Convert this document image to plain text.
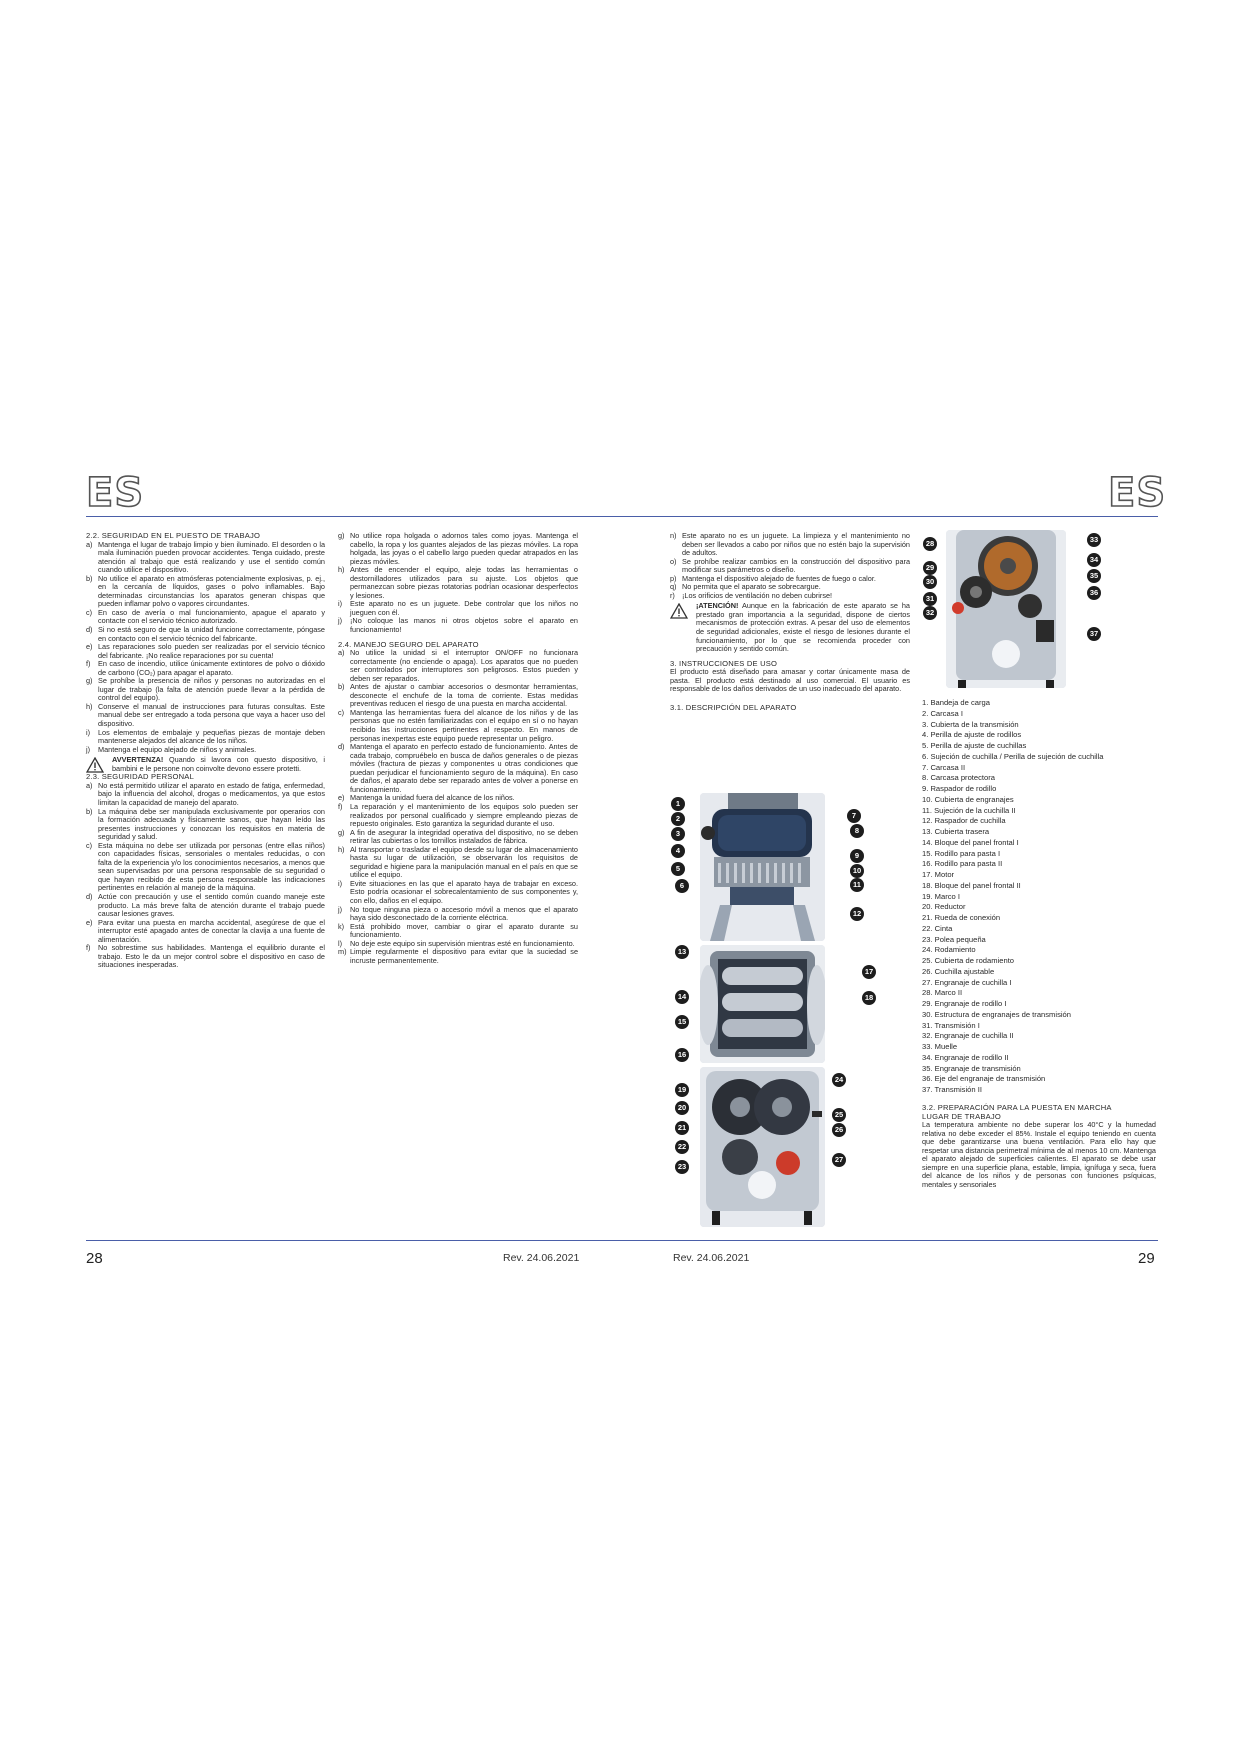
ES	ES

2.2. SEGURIDAD EN EL PUESTO DE TRABAJO

a) Mantenga el lugar de trabajo limpio y bien iluminado. El desorden o la mala iluminación pueden provocar accidentes. Tenga cuidado, preste atención al trabajo que está realizando y use el sentido común cuando utilice el dispositivo.
b) No utilice el aparato en atmósferas potencialmente explosivas, p. ej., en la cercanía de líquidos, gases o polvo inflamables. Bajo determinadas circunstancias los aparatos generan chispas que pueden inflamar polvo o vapores circundantes.
c) En caso de avería o mal funcionamiento, apague el aparato y contacte con el servicio técnico autorizado.
d) Si no está seguro de que la unidad funcione correctamente, póngase en contacto con el servicio técnico del fabricante.
e) Las reparaciones solo pueden ser realizadas por el servicio técnico del fabricante. ¡No realice reparaciones por su cuenta!
f) En caso de incendio, utilice únicamente extintores de polvo o dióxido de carbono (CO₂) para apagar el aparato.
g) Se prohíbe la presencia de niños y personas no autorizadas en el lugar de trabajo (la falta de atención puede llevar a la pérdida de control del equipo).
h) Conserve el manual de instrucciones para futuras consultas. Este manual debe ser entregado a toda persona que vaya a hacer uso del dispositivo.
i) Los elementos de embalaje y pequeñas piezas de montaje deben mantenerse alejados del alcance de los niños.
j) Mantenga el equipo alejado de niños y animales.
AVVERTENZA! Quando si lavora con questo dispositivo, i bambini e le persone non coinvolte devono essere protetti.

2.3. SEGURIDAD PERSONAL

a) No está permitido utilizar el aparato en estado de fatiga, enfermedad, bajo la influencia del alcohol, drogas o medicamentos, ya que estos limitan la capacidad de manejo del aparato.
b) La máquina debe ser manipulada exclusivamente por operarios con la formación adecuada y físicamente sanos, que hayan leído las presentes instrucciones y conozcan los requisitos en materia de seguridad y salud.
c) Esta máquina no debe ser utilizada por personas (entre ellas niños) con capacidades físicas, sensoriales o mentales reducidas, o con falta de la experiencia y/o los conocimientos necesarios, a menos que sean supervisadas por una persona responsable de su seguridad o que hayan recibido de esta persona responsable las indicaciones pertinentes en relación al manejo de la máquina.
d) Actúe con precaución y use el sentido común cuando maneje este producto. La más breve falta de atención durante el trabajo puede causar lesiones graves.
e) Para evitar una puesta en marcha accidental, asegúrese de que el interruptor esté apagado antes de conectar la clavija a una fuente de alimentación.
f) No sobrestime sus habilidades. Mantenga el equilibrio durante el trabajo. Esto le da un mejor control sobre el dispositivo en caso de situaciones inesperadas.
g) No utilice ropa holgada o adornos tales como joyas. Mantenga el cabello, la ropa y los guantes alejados de las piezas móviles. La ropa holgada, las joyas o el cabello largo pueden quedar atrapados en las piezas móviles.
h) Antes de encender el equipo, aleje todas las herramientas o destornilladores utilizados para su ajuste. Los objetos que permanezcan sobre piezas rotatorias podrían ocasionar desperfectos y lesiones.
i) Este aparato no es un juguete. Debe controlar que los niños no jueguen con él.
j) ¡No coloque las manos ni otros objetos sobre el aparato en funcionamiento!

2.4. MANEJO SEGURO DEL APARATO

a) No utilice la unidad si el interruptor ON/OFF no funcionara correctamente (no enciende o apaga). Los aparatos que no pueden ser controlados por interruptores son peligrosos. Estos pueden y deben ser reparados.
b) Antes de ajustar o cambiar accesorios o desmontar herramientas, desconecte el enchufe de la toma de corriente. Estas medidas preventivas reducen el riesgo de una puesta en marcha accidental.
c) Mantenga las herramientas fuera del alcance de los niños y de las personas que no estén familiarizadas con el equipo en sí o no hayan recibido las instrucciones pertinentes al respecto. En manos de personas inexpertas este equipo puede representar un peligro.
d) Mantenga el aparato en perfecto estado de funcionamiento. Antes de cada trabajo, compruébelo en busca de daños generales o de piezas móviles (fractura de piezas y componentes u otras condiciones que puedan perjudicar el funcionamiento seguro de la máquina). En caso de daños, el aparato debe ser reparado antes de volver a ponerse en funcionamiento.
e) Mantenga la unidad fuera del alcance de los niños.
f) La reparación y el mantenimiento de los equipos solo pueden ser realizados por personal cualificado y siempre empleando piezas de repuesto originales. Esto garantiza la seguridad durante el uso.
g) A fin de asegurar la integridad operativa del dispositivo, no se deben retirar las cubiertas o los tornillos instalados de fábrica.
h) Al transportar o trasladar el equipo desde su lugar de almacenamiento hasta su lugar de utilización, se observarán los requisitos de seguridad e higiene para la manipulación manual en el país en que se utilice el equipo.
i) Evite situaciones en las que el aparato haya de trabajar en exceso. Esto podría ocasionar el sobrecalentamiento de sus componentes y, con ello, daños en el equipo.
j) No toque ninguna pieza o accesorio móvil a menos que el aparato haya sido desconectado de la corriente eléctrica.
k) Está prohibido mover, cambiar o girar el aparato durante su funcionamiento.
l) No deje este equipo sin supervisión mientras esté en funcionamiento.
m) Limpie regularmente el dispositivo para evitar que la suciedad se incruste permanentemente.
n) Este aparato no es un juguete. La limpieza y el mantenimiento no deben ser llevados a cabo por niños que no estén bajo la supervisión de adultos.
o) Se prohíbe realizar cambios en la construcción del dispositivo para modificar sus parámetros o diseño.
p) Mantenga el dispositivo alejado de fuentes de fuego o calor.
q) No permita que el aparato se sobrecargue.
r) ¡Los orificios de ventilación no deben cubrirse!
¡ATENCIÓN! Aunque en la fabricación de este aparato se ha prestado gran importancia a la seguridad, dispone de ciertos mecanismos de protección extras. A pesar del uso de elementos de seguridad adicionales, existe el riesgo de lesiones durante el funcionamiento, por lo que se recomienda proceder con precaución y sentido común.

3. INSTRUCCIONES DE USO

El producto está diseñado para amasar y cortar únicamente masa de pasta. El producto está destinado al uso comercial. El usuario es responsable de los daños derivados de un uso inadecuado del aparato.

3.1. DESCRIPCIÓN DEL APARATO

1
2
3
4
5
6
7
8
9
10
11
12
13
14
15
16
17
18
19
20
21
22
23
24
25
26
27
28
29
30
31
32
33
34
35
36
37
1. Bandeja de carga
2. Carcasa I
3. Cubierta de la transmisión
4. Perilla de ajuste de rodillos
5. Perilla de ajuste de cuchillas
6. Sujeción de cuchilla / Perilla de sujeción de cuchilla
7. Carcasa II
8. Carcasa protectora
9. Raspador de rodillo
10. Cubierta de engranajes
11. Sujeción de la cuchilla II
12. Raspador de cuchilla
13. Cubierta trasera
14. Bloque del panel frontal I
15. Rodillo para pasta I
16. Rodillo para pasta II
17. Motor
18. Bloque del panel frontal II
19. Marco I
20. Reductor
21. Rueda de conexión
22. Cinta
23. Polea pequeña
24. Rodamiento
25. Cubierta de rodamiento
26. Cuchilla ajustable
27. Engranaje de cuchilla I
28. Marco II
29. Engranaje de rodillo I
30. Estructura de engranajes de transmisión
31. Transmisión I
32. Engranaje de cuchilla II
33. Muelle
34. Engranaje de rodillo II
35. Engranaje de transmisión
36. Eje del engranaje de transmisión
37. Transmisión II

3.2. PREPARACIÓN PARA LA PUESTA EN MARCHA

LUGAR DE TRABAJO

La temperatura ambiente no debe superar los 40°C y la humedad relativa no debe exceder el 85%. Instale el equipo teniendo en cuenta que debe garantizarse una buena ventilación. Para ello hay que respetar una distancia perimetral mínima de al menos 10 cm. Mantenga el aparato alejado de superficies calientes. El aparato se debe usar siempre en una superficie plana, estable, limpia, ignífuga y seca, fuera del alcance de los niños y de personas con funciones psíquicas, mentales y sensoriales

28	Rev. 24.06.2021	Rev. 24.06.2021	29
